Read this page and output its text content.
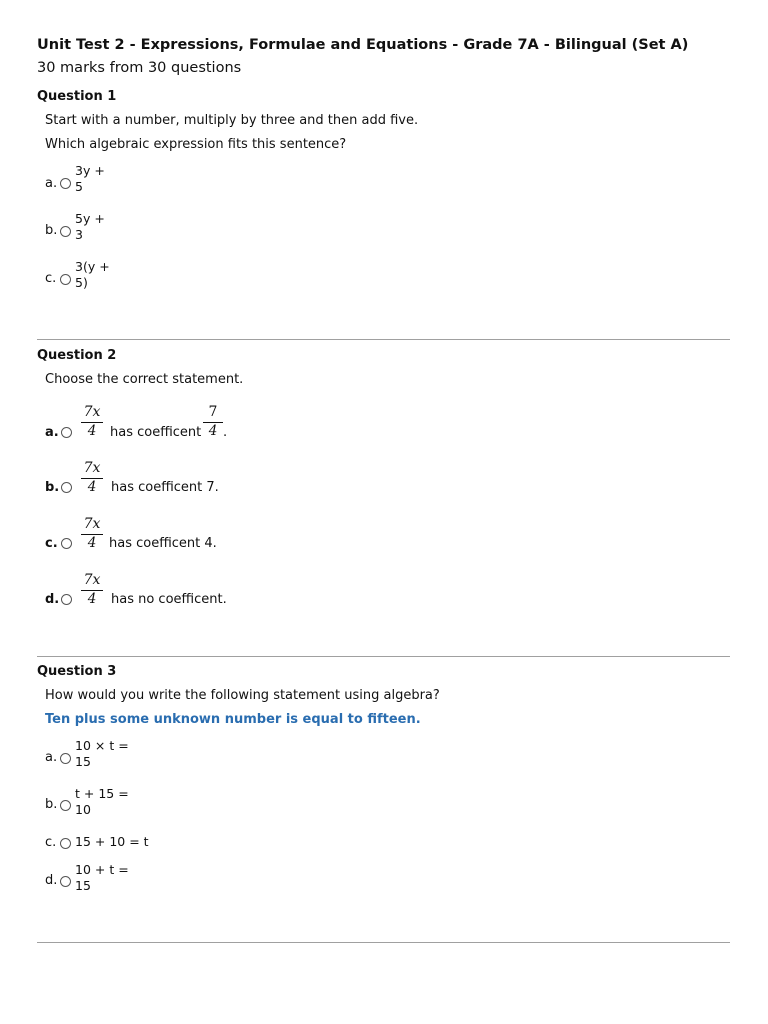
Unit Test 2 - Expressions, Formulae and Equations - Grade 7A - Bilingual (Set A)
30 marks from 30 questions
Question 1
Start with a number, multiply by three and then add five.
Which algebraic expression fits this sentence?
a.
3y +
5
b.
5y +
3
c.
3(y +
5)
Question 2
Choose the correct statement.
a.
7x
4	has coefficent
7
4 .
b.
7x
4	has coefficent 7.
c.
7x
4 has coefficent 4.
d.
7x
4	has no coefficent.
Question 3
How would you write the following statement using algebra?
Ten plus some unknown number is equal to fifteen.
a.
10 × t =
15
b.
t + 15 =
10
c. 15 + 10 = t
d.
10 + t =
15
